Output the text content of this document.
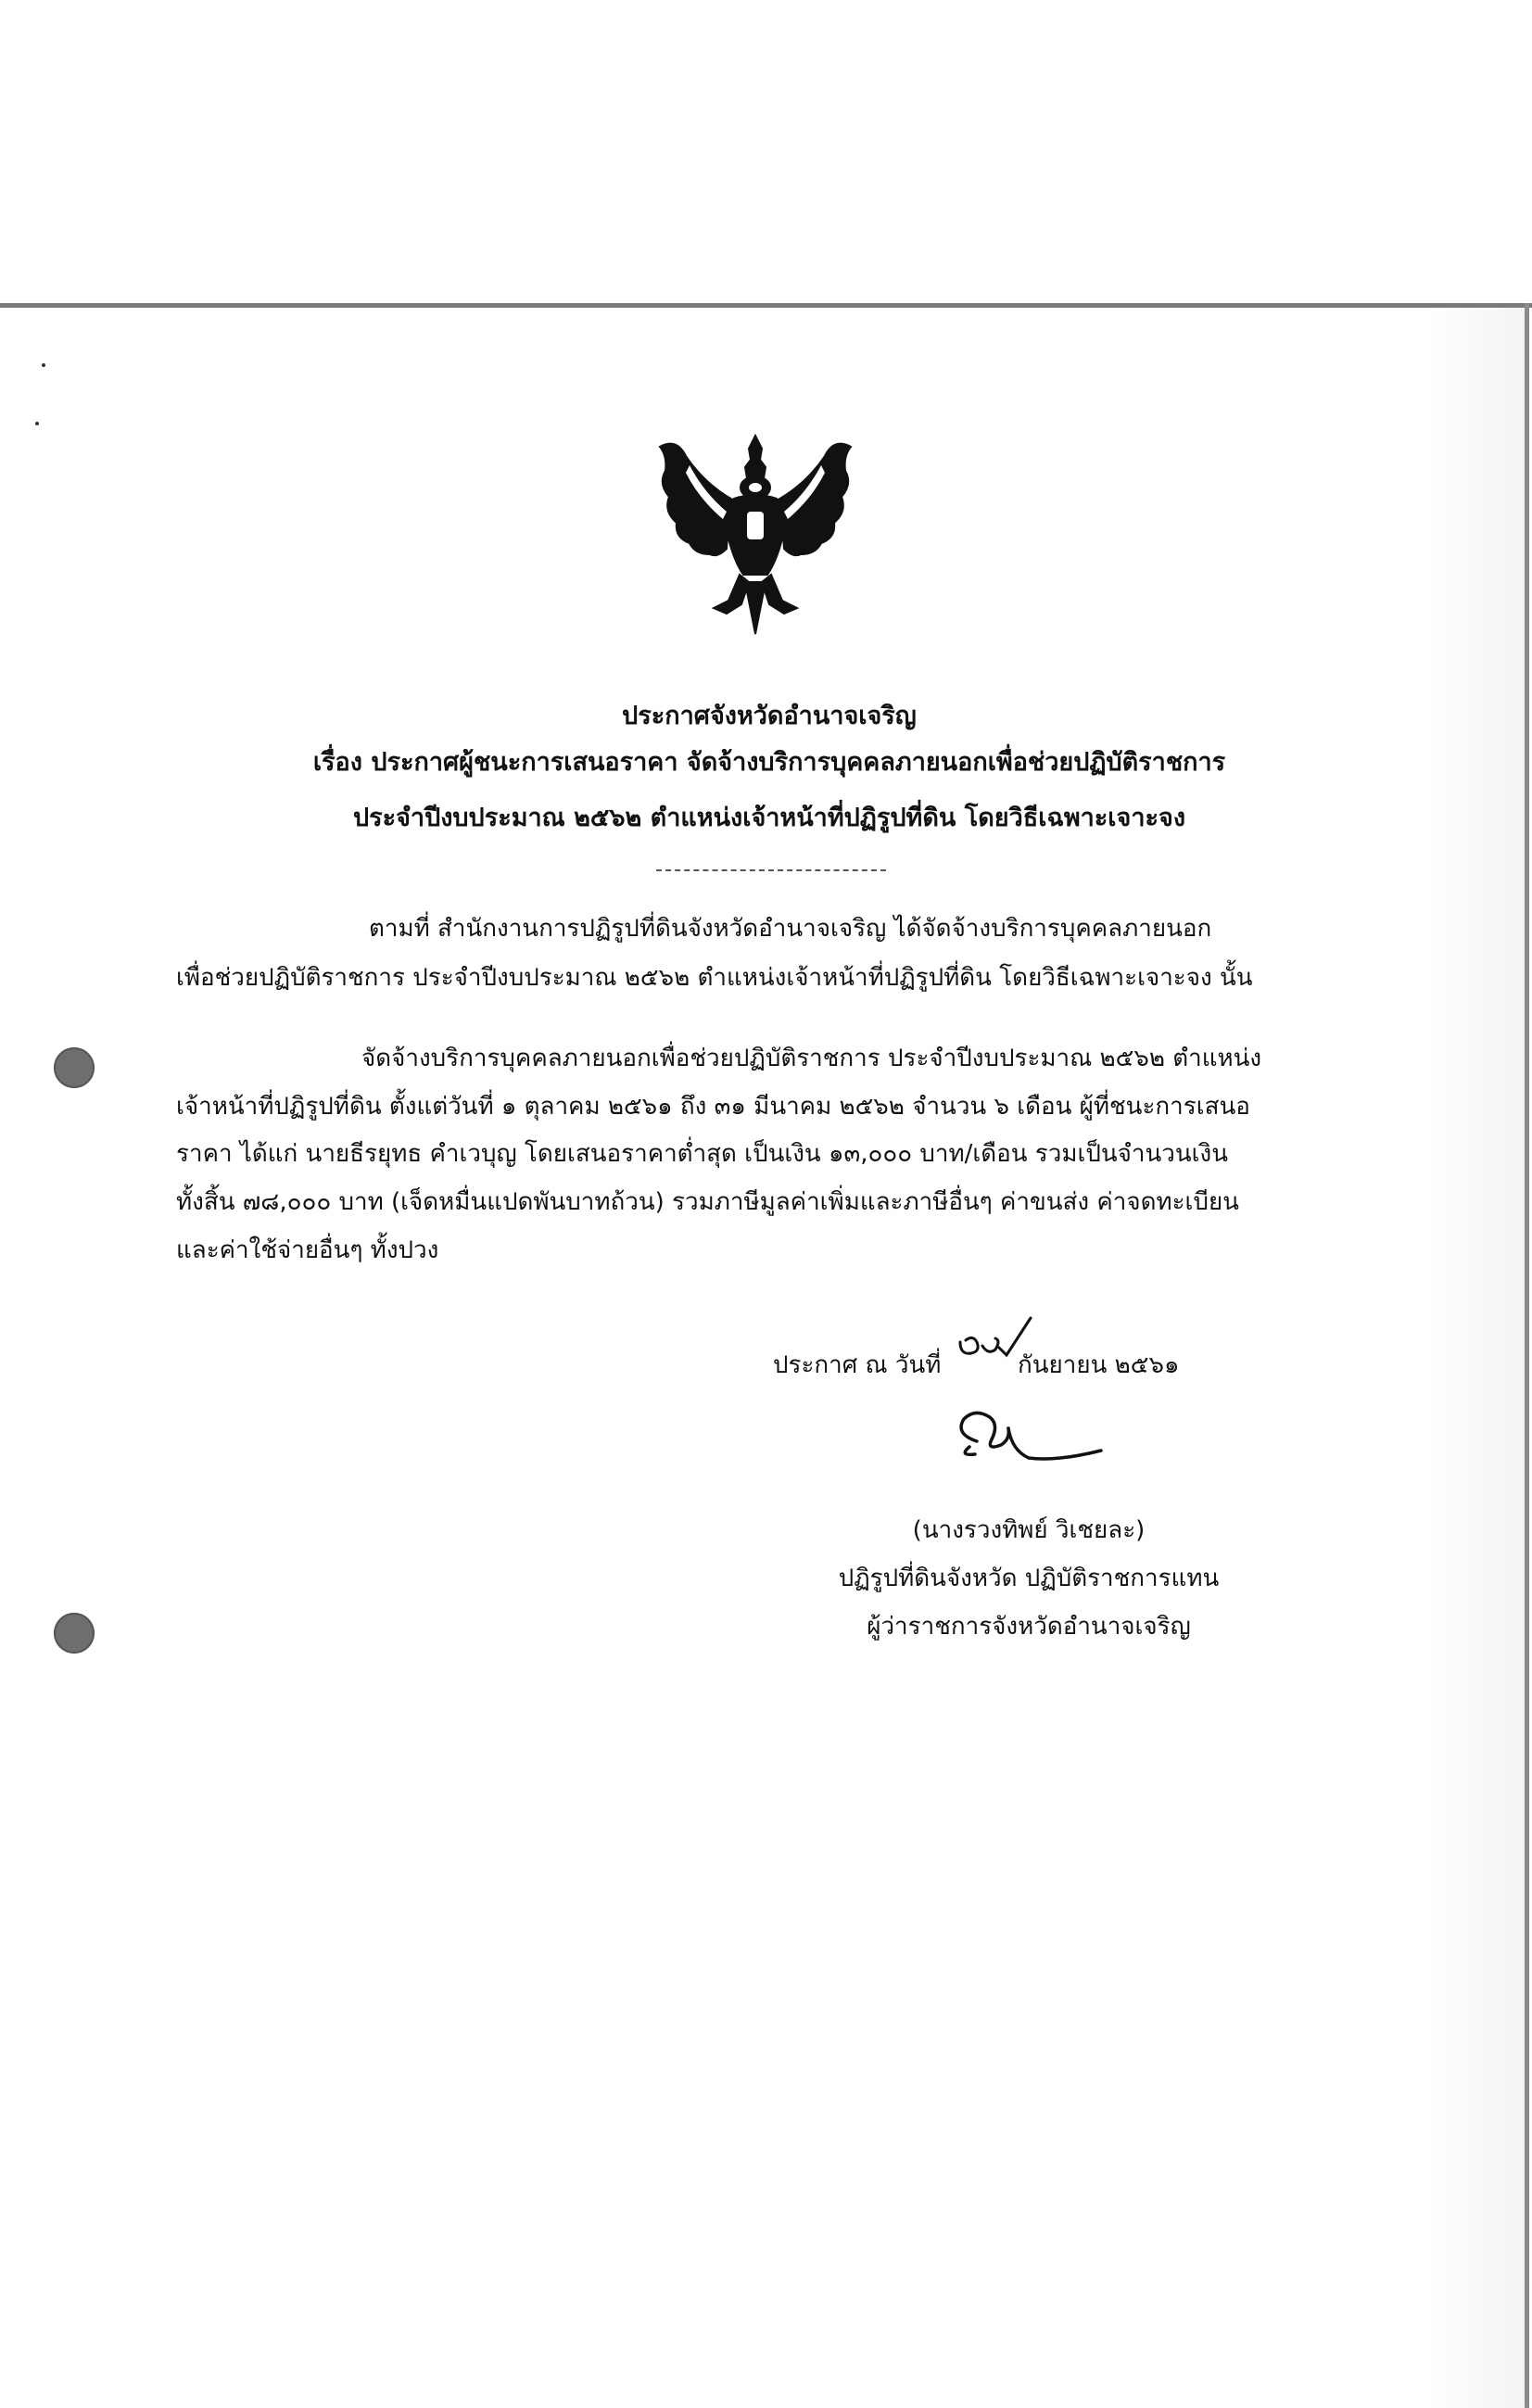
ประกาศจังหวัดอำนาจเจริญ
เรื่อง ประกาศผู้ชนะการเสนอราคา จัดจ้างบริการบุคคลภายนอกเพื่อช่วยปฏิบัติราชการ
ประจำปีงบประมาณ ๒๕๖๒ ตำแหน่งเจ้าหน้าที่ปฏิรูปที่ดิน โดยวิธีเฉพาะเจาะจง
ตามที่ สำนักงานการปฏิรูปที่ดินจังหวัดอำนาจเจริญ ได้จัดจ้างบริการบุคคลภายนอก
เพื่อช่วยปฏิบัติราชการ ประจำปีงบประมาณ ๒๕๖๒ ตำแหน่งเจ้าหน้าที่ปฏิรูปที่ดิน โดยวิธีเฉพาะเจาะจง นั้น
จัดจ้างบริการบุคคลภายนอกเพื่อช่วยปฏิบัติราชการ ประจำปีงบประมาณ ๒๕๖๒ ตำแหน่ง
เจ้าหน้าที่ปฏิรูปที่ดิน ตั้งแต่วันที่ ๑ ตุลาคม ๒๕๖๑ ถึง ๓๑ มีนาคม ๒๕๖๒ จำนวน ๖ เดือน ผู้ที่ชนะการเสนอ
ราคา ได้แก่ นายธีรยุทธ คำเวบุญ โดยเสนอราคาต่ำสุด เป็นเงิน ๑๓,๐๐๐ บาท/เดือน รวมเป็นจำนวนเงิน
ทั้งสิ้น ๗๘,๐๐๐ บาท (เจ็ดหมื่นแปดพันบาทถ้วน) รวมภาษีมูลค่าเพิ่มและภาษีอื่นๆ ค่าขนส่ง ค่าจดทะเบียน
และค่าใช้จ่ายอื่นๆ ทั้งปวง
ประกาศ ณ วันที่	กันยายน ๒๕๖๑
(นางรวงทิพย์ วิเชยละ)
ปฏิรูปที่ดินจังหวัด ปฏิบัติราชการแทน
ผู้ว่าราชการจังหวัดอำนาจเจริญ
